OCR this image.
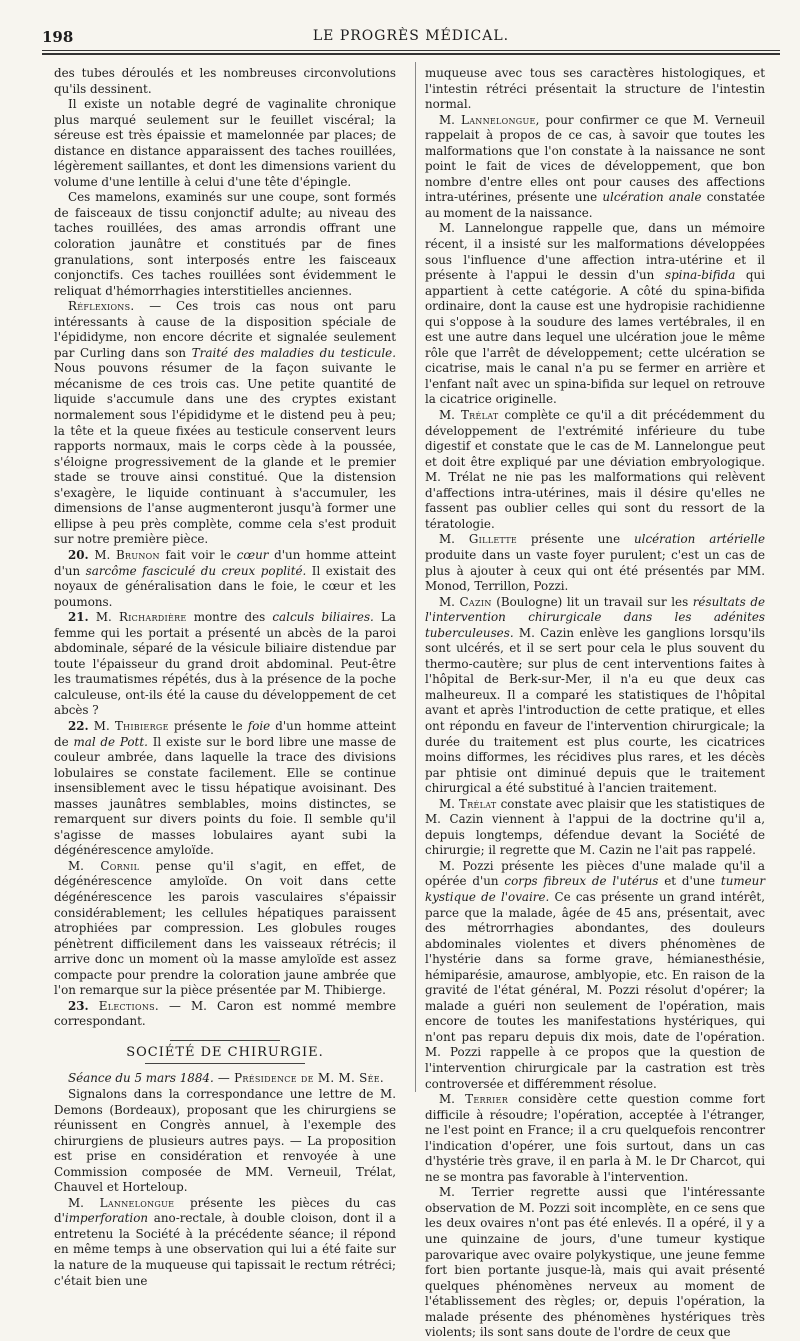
198	LE PROGRÈS MÉDICAL.

des tubes déroulés et les nombreuses circonvolutions qu'ils dessinent.

Il existe un notable degré de vaginalite chronique plus marqué seulement sur le feuillet viscéral; la séreuse est très épaissie et mamelonnée par places; de distance en distance apparaissent des taches rouillées, légèrement saillantes, et dont les dimensions varient du volume d'une lentille à celui d'une tête d'épingle.

Ces mamelons, examinés sur une coupe, sont formés de faisceaux de tissu conjonctif adulte; au niveau des taches rouillées, des amas arrondis offrant une coloration jaunâtre et constitués par de fines granulations, sont interposés entre les faisceaux conjonctifs. Ces taches rouillées sont évidemment le reliquat d'hémorrhagies interstitielles anciennes.

Réflexions. — Ces trois cas nous ont paru intéressants à cause de la disposition spéciale de l'épididyme, non encore décrite et signalée seulement par Curling dans son Traité des maladies du testicule. Nous pouvons résumer de la façon suivante le mécanisme de ces trois cas. Une petite quantité de liquide s'accumule dans une des cryptes existant normalement sous l'épididyme et le distend peu à peu; la tête et la queue fixées au testicule conservent leurs rapports normaux, mais le corps cède à la poussée, s'éloigne progressivement de la glande et le premier stade se trouve ainsi constitué. Que la distension s'exagère, le liquide continuant à s'accumuler, les dimensions de l'anse augmenteront jusqu'à former une ellipse à peu près complète, comme cela s'est produit sur notre première pièce.

20. M. Brunon fait voir le cœur d'un homme atteint d'un sarcôme fasciculé du creux poplité. Il existait des noyaux de généralisation dans le foie, le cœur et les poumons.

21. M. Richardière montre des calculs biliaires. La femme qui les portait a présenté un abcès de la paroi abdominale, séparé de la vésicule biliaire distendue par toute l'épaisseur du grand droit abdominal. Peut-être les traumatismes répétés, dus à la présence de la poche calculeuse, ont-ils été la cause du développement de cet abcès ?

22. M. Thibierge présente le foie d'un homme atteint de mal de Pott. Il existe sur le bord libre une masse de couleur ambrée, dans laquelle la trace des divisions lobulaires se constate facilement. Elle se continue insensiblement avec le tissu hépatique avoisinant. Des masses jaunâtres semblables, moins distinctes, se remarquent sur divers points du foie. Il semble qu'il s'agisse de masses lobulaires ayant subi la dégénérescence amyloïde.

M. Cornil pense qu'il s'agit, en effet, de dégénérescence amyloïde. On voit dans cette dégénérescence les parois vasculaires s'épaissir considérablement; les cellules hépatiques paraissent atrophiées par compression. Les globules rouges pénètrent difficilement dans les vaisseaux rétrécis; il arrive donc un moment où la masse amyloïde est assez compacte pour prendre la coloration jaune ambrée que l'on remarque sur la pièce présentée par M. Thibierge.

23. Elections. — M. Caron est nommé membre correspondant.

SOCIÉTÉ DE CHIRURGIE.

Séance du 5 mars 1884. — Présidence de M. M. Sée.

Signalons dans la correspondance une lettre de M. Demons (Bordeaux), proposant que les chirurgiens se réunissent en Congrès annuel, à l'exemple des chirurgiens de plusieurs autres pays. — La proposition est prise en considération et renvoyée à une Commission composée de MM. Verneuil, Trélat, Chauvel et Horteloup.

M. Lannelongue présente les pièces du cas d'imperforation ano-rectale, à double cloison, dont il a entretenu la Société à la précédente séance; il répond en même temps à une observation qui lui a été faite sur la nature de la muqueuse qui tapissait le rectum rétréci; c'était bien une

muqueuse avec tous ses caractères histologiques, et l'intestin rétréci présentait la structure de l'intestin normal.

M. Lannelongue, pour confirmer ce que M. Verneuil rappelait à propos de ce cas, à savoir que toutes les malformations que l'on constate à la naissance ne sont point le fait de vices de développement, que bon nombre d'entre elles ont pour causes des affections intra-utérines, présente une ulcération anale constatée au moment de la naissance.

M. Lannelongue rappelle que, dans un mémoire récent, il a insisté sur les malformations développées sous l'influence d'une affection intra-utérine et il présente à l'appui le dessin d'un spina-bifida qui appartient à cette catégorie. A côté du spina-bifida ordinaire, dont la cause est une hydropisie rachidienne qui s'oppose à la soudure des lames vertébrales, il en est une autre dans lequel une ulcération joue le même rôle que l'arrêt de développement; cette ulcération se cicatrise, mais le canal n'a pu se fermer en arrière et l'enfant naît avec un spina-bifida sur lequel on retrouve la cicatrice originelle.

M. Trélat complète ce qu'il a dit précédemment du développement de l'extrémité inférieure du tube digestif et constate que le cas de M. Lannelongue peut et doit être expliqué par une déviation embryologique. M. Trélat ne nie pas les malformations qui relèvent d'affections intra-utérines, mais il désire qu'elles ne fassent pas oublier celles qui sont du ressort de la tératologie.

M. Gillette présente une ulcération artérielle produite dans un vaste foyer purulent; c'est un cas de plus à ajouter à ceux qui ont été présentés par MM. Monod, Terrillon, Pozzi.

M. Cazin (Boulogne) lit un travail sur les résultats de l'intervention chirurgicale dans les adénites tuberculeuses. M. Cazin enlève les ganglions lorsqu'ils sont ulcérés, et il se sert pour cela le plus souvent du thermo-cautère; sur plus de cent interventions faites à l'hôpital de Berk-sur-Mer, il n'a eu que deux cas malheureux. Il a comparé les statistiques de l'hôpital avant et après l'introduction de cette pratique, et elles ont répondu en faveur de l'intervention chirurgicale; la durée du traitement est plus courte, les cicatrices moins difformes, les récidives plus rares, et les décès par phtisie ont diminué depuis que le traitement chirurgical a été substitué à l'ancien traitement.

M. Trélat constate avec plaisir que les statistiques de M. Cazin viennent à l'appui de la doctrine qu'il a, depuis longtemps, défendue devant la Société de chirurgie; il regrette que M. Cazin ne l'ait pas rappelé.

M. Pozzi présente les pièces d'une malade qu'il a opérée d'un corps fibreux de l'utérus et d'une tumeur kystique de l'ovaire. Ce cas présente un grand intérêt, parce que la malade, âgée de 45 ans, présentait, avec des métrorrhagies abondantes, des douleurs abdominales violentes et divers phénomènes de l'hystérie dans sa forme grave, hémianesthésie, hémiparésie, amaurose, amblyopie, etc. En raison de la gravité de l'état général, M. Pozzi résolut d'opérer; la malade a guéri non seulement de l'opération, mais encore de toutes les manifestations hystériques, qui n'ont pas reparu depuis dix mois, date de l'opération. M. Pozzi rappelle à ce propos que la question de l'intervention chirurgicale par la castration est très controversée et différemment résolue.

M. Terrier considère cette question comme fort difficile à résoudre; l'opération, acceptée à l'étranger, ne l'est point en France; il a cru quelquefois rencontrer l'indication d'opérer, une fois surtout, dans un cas d'hystérie très grave, il en parla à M. le Dr Charcot, qui ne se montra pas favorable à l'intervention.

M. Terrier regrette aussi que l'intéressante observation de M. Pozzi soit incomplète, en ce sens que les deux ovaires n'ont pas été enlevés. Il a opéré, il y a une quinzaine de jours, d'une tumeur kystique parovarique avec ovaire polykystique, une jeune femme fort bien portante jusque-là, mais qui avait présenté quelques phénomènes nerveux au moment de l'établissement des règles; or, depuis l'opération, la malade présente des phénomènes hystériques très violents; ils sont sans doute de l'ordre de ceux que
